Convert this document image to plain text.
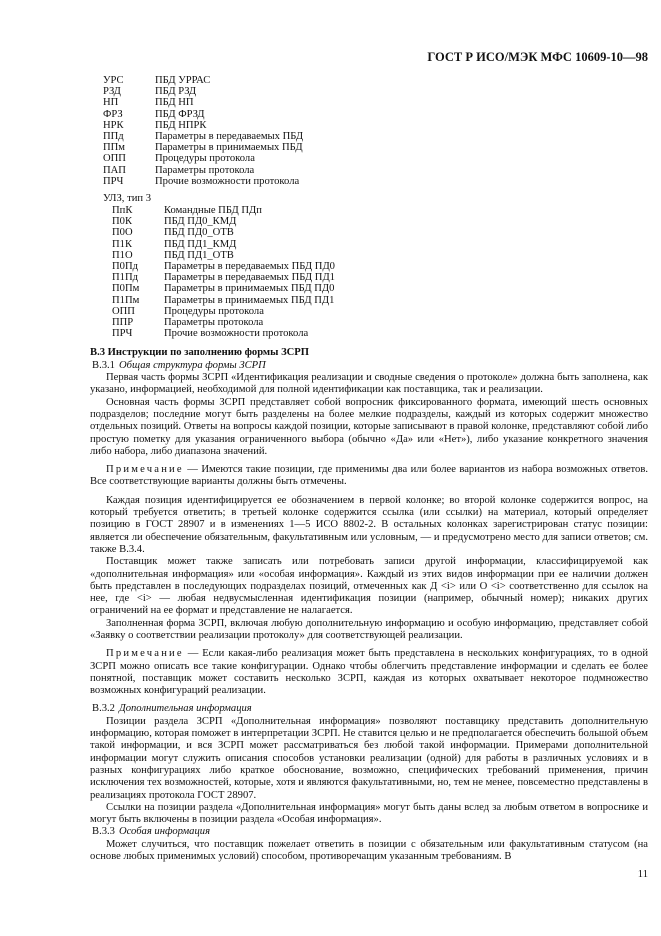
ГОСТ Р ИСО/МЭК МФС 10609-10—98
УРС	ПБД УРРАС
РЗД	ПБД РЗД
НП	ПБД НП
ФРЗ	ПБД ФРЗД
НРК	ПБД НПРК
ППд	Параметры в передаваемых ПБД
ППм	Параметры в принимаемых ПБД
ОПП	Процедуры протокола
ПАП	Параметры протокола
ПРЧ	Прочие возможности протокола
УЛЗ, тип 3
ПпК	Командные ПБД ПДп
П0К	ПБД ПД0_КМД
П0О	ПБД ПД0_ОТВ
П1К	ПБД ПД1_КМД
П1О	ПБД ПД1_ОТВ
П0Пд	Параметры в передаваемых ПБД ПД0
П1Пд	Параметры в передаваемых ПБД ПД1
П0Пм	Параметры в принимаемых ПБД ПД0
П1Пм	Параметры в принимаемых ПБД ПД1
ОПП	Процедуры протокола
ППР	Параметры протокола
ПРЧ	Прочие возможности протокола

В.3 Инструкции по заполнению формы ЗСРП

В.3.1 Общая структура формы ЗСРП

Первая часть формы ЗСРП «Идентификация реализации и сводные сведения о протоколе» должна быть заполнена, как указано, информацией, необходимой для полной идентификации как поставщика, так и реализации.

Основная часть формы ЗСРП представляет собой вопросник фиксированного формата, имеющий шесть основных подразделов; последние могут быть разделены на более мелкие подразделы, каждый из которых содержит множество отдельных позиций. Ответы на вопросы каждой позиции, которые записывают в правой колонке, представляют собой либо простую пометку для указания ограниченного выбора (обычно «Да» или «Нет»), либо указание конкретного значения либо набора, либо диапазона значений.

Примечание — Имеются такие позиции, где применимы два или более вариантов из набора возможных ответов. Все соответствующие варианты должны быть отмечены.

Каждая позиция идентифицируется ее обозначением в первой колонке; во второй колонке содержится вопрос, на который требуется ответить; в третьей колонке содержится ссылка (или ссылки) на материал, который определяет позицию в ГОСТ 28907 и в изменениях 1—5 ИСО 8802-2. В остальных колонках зарегистрирован статус позиции: является ли обеспечение обязательным, факультативным или условным, — и предусмотрено место для записи ответов; см. также В.3.4.

Поставщик может также записать или потребовать записи другой информации, классифицируемой как «дополнительная информация» или «особая информация». Каждый из этих видов информации при ее наличии должен быть представлен в последующих подразделах позиций, отмеченных как Д <i> или О <i> соответственно для ссылок на нее, где <i> — любая недвусмысленная идентификация позиции (например, обычный номер); никаких других ограничений на ее формат и представление не налагается.

Заполненная форма ЗСРП, включая любую дополнительную информацию и особую информацию, представляет собой «Заявку о соответствии реализации протоколу» для соответствующей реализации.

Примечание — Если какая-либо реализация может быть представлена в нескольких конфигурациях, то в одной ЗСРП можно описать все такие конфигурации. Однако чтобы облегчить представление информации и сделать ее более понятной, поставщик может составить несколько ЗСРП, каждая из которых охватывает некоторое подмножество возможных конфигураций реализации.

В.3.2 Дополнительная информация

Позиции раздела ЗСРП «Дополнительная информация» позволяют поставщику представить дополнительную информацию, которая поможет в интерпретации ЗСРП. Не ставится целью и не предполагается обеспечить большой объем такой информации, и вся ЗСРП может рассматриваться без любой такой информации. Примерами дополнительной информации могут служить описания способов установки реализации (одной) для работы в различных условиях и в разных конфигурациях либо краткое обоснование, возможно, специфических требований применения, причин исключения тех возможностей, которые, хотя и являются факультативными, но, тем не менее, повсеместно представлены в реализациях протокола ГОСТ 28907.

Ссылки на позиции раздела «Дополнительная информация» могут быть даны вслед за любым ответом в вопроснике и могут быть включены в позиции раздела «Особая информация».

В.3.3 Особая информация

Может случиться, что поставщик пожелает ответить в позиции с обязательным или факультативным статусом (на основе любых применимых условий) способом, противоречащим указанным требованиям. В

11
